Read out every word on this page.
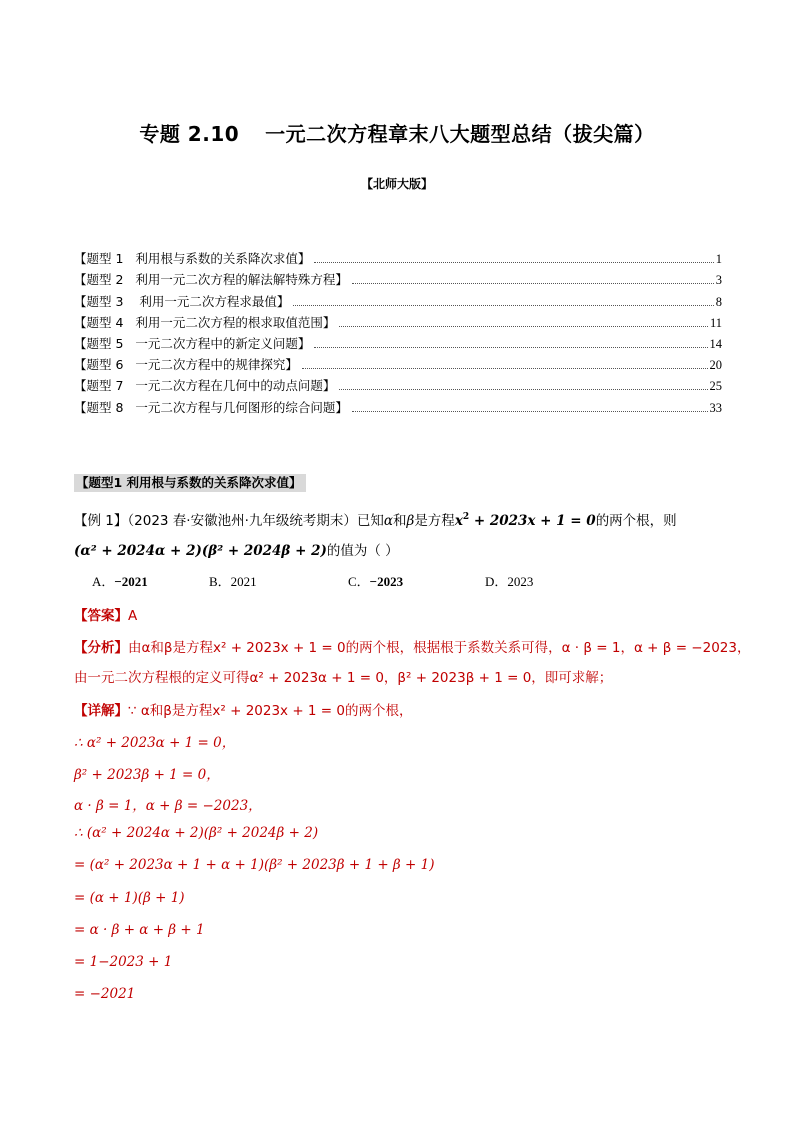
专题 2.10 一元二次方程章末八大题型总结（拔尖篇）
【北师大版】
【题型 1   利用根与系数的关系降次求值】	1
【题型 2   利用一元二次方程的解法解特殊方程】	3
【题型 3    利用一元二次方程求最值】	8
【题型 4   利用一元二次方程的根求取值范围】	11
【题型 5   一元二次方程中的新定义问题】	14
【题型 6   一元二次方程中的规律探究】	20
【题型 7   一元二次方程在几何中的动点问题】	25
【题型 8   一元二次方程与几何图形的综合问题】	33
【题型1 利用根与系数的关系降次求值】
【例 1】（2023 春·安徽池州·九年级统考期末）已知α和β是方程$x^2 + 2023x + 1 = 0$的两个根，则
(α² + 2024α + 2)(β² + 2024β + 2)的值为（ ）
A．−2021	B．2021	C．−2023	D．2023
【答案】A
【分析】由α和β是方程x² + 2023x + 1 = 0的两个根，根据根于系数关系可得，α · β = 1，α + β = −2023，
由一元二次方程根的定义可得α² + 2023α + 1 = 0，β² + 2023β + 1 = 0，即可求解；
【详解】∵ α和β是方程x² + 2023x + 1 = 0的两个根，
∴ α² + 2023α + 1 = 0，
β² + 2023β + 1 = 0，
α · β = 1，α + β = −2023，
∴ (α² + 2024α + 2)(β² + 2024β + 2)
= (α² + 2023α + 1 + α + 1)(β² + 2023β + 1 + β + 1)
= (α + 1)(β + 1)
= α · β + α + β + 1
= 1−2023 + 1
= −2021
